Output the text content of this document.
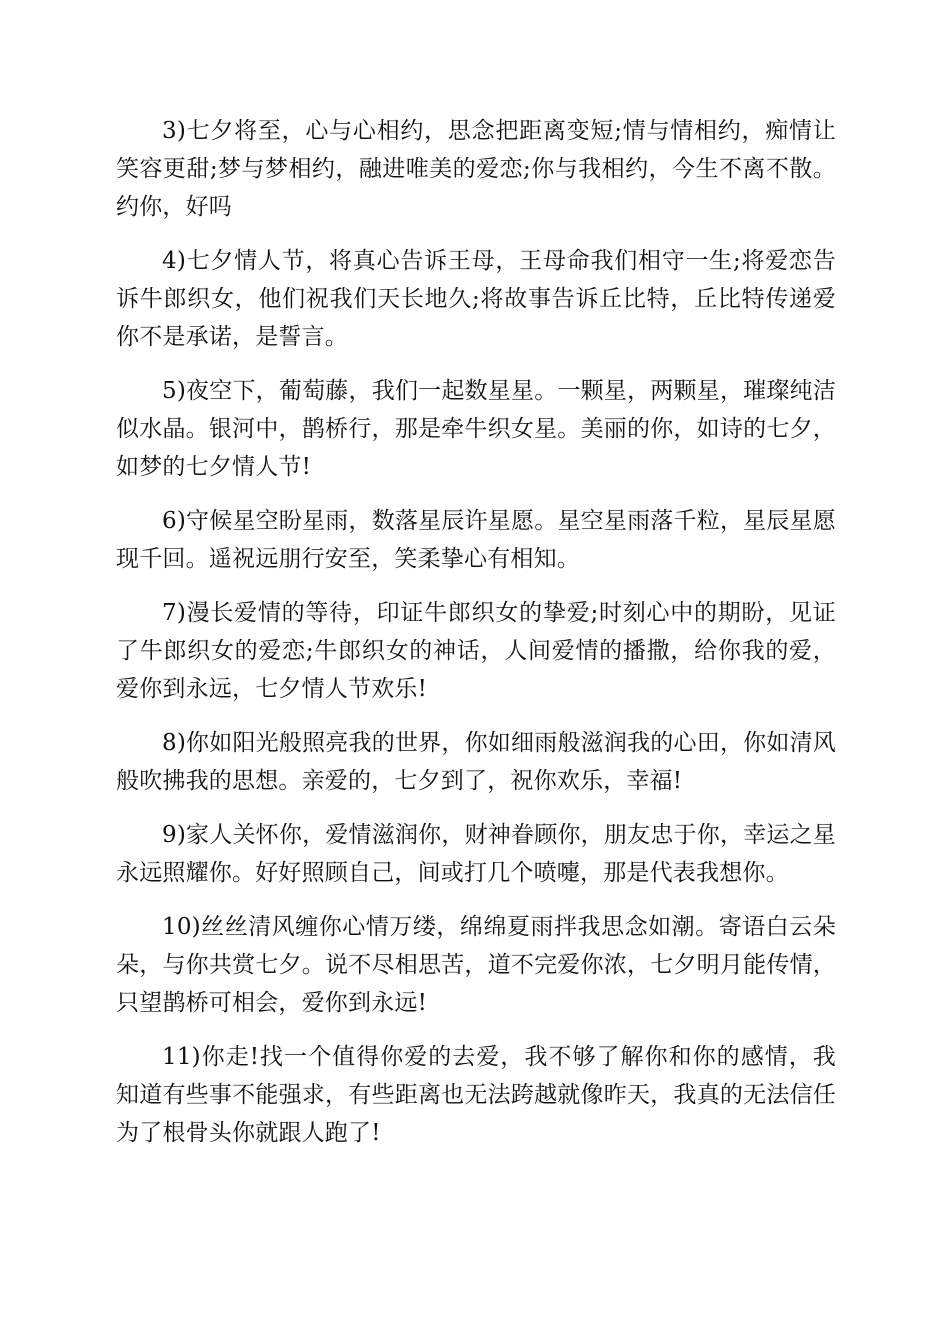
3)七夕将至，心与心相约，思念把距离变短;情与情相约，痴情让笑容更甜;梦与梦相约，融进唯美的爱恋;你与我相约，今生不离不散。约你，好吗

4)七夕情人节，将真心告诉王母，王母命我们相守一生;将爱恋告诉牛郎织女，他们祝我们天长地久;将故事告诉丘比特，丘比特传递爱你不是承诺，是誓言。

5)夜空下，葡萄藤，我们一起数星星。一颗星，两颗星，璀璨纯洁似水晶。银河中，鹊桥行，那是牵牛织女星。美丽的你，如诗的七夕，如梦的七夕情人节!

6)守候星空盼星雨，数落星辰许星愿。星空星雨落千粒，星辰星愿现千回。遥祝远朋行安至，笑柔挚心有相知。

7)漫长爱情的等待，印证牛郎织女的挚爱;时刻心中的期盼，见证了牛郎织女的爱恋;牛郎织女的神话，人间爱情的播撒，给你我的爱，爱你到永远，七夕情人节欢乐!

8)你如阳光般照亮我的世界，你如细雨般滋润我的心田，你如清风般吹拂我的思想。亲爱的，七夕到了，祝你欢乐，幸福!

9)家人关怀你，爱情滋润你，财神眷顾你，朋友忠于你，幸运之星永远照耀你。好好照顾自己，间或打几个喷嚏，那是代表我想你。

10)丝丝清风缠你心情万缕，绵绵夏雨拌我思念如潮。寄语白云朵朵，与你共赏七夕。说不尽相思苦，道不完爱你浓，七夕明月能传情，只望鹊桥可相会，爱你到永远!

11)你走!找一个值得你爱的去爱，我不够了解你和你的感情，我知道有些事不能强求，有些距离也无法跨越就像昨天，我真的无法信任为了根骨头你就跟人跑了!
